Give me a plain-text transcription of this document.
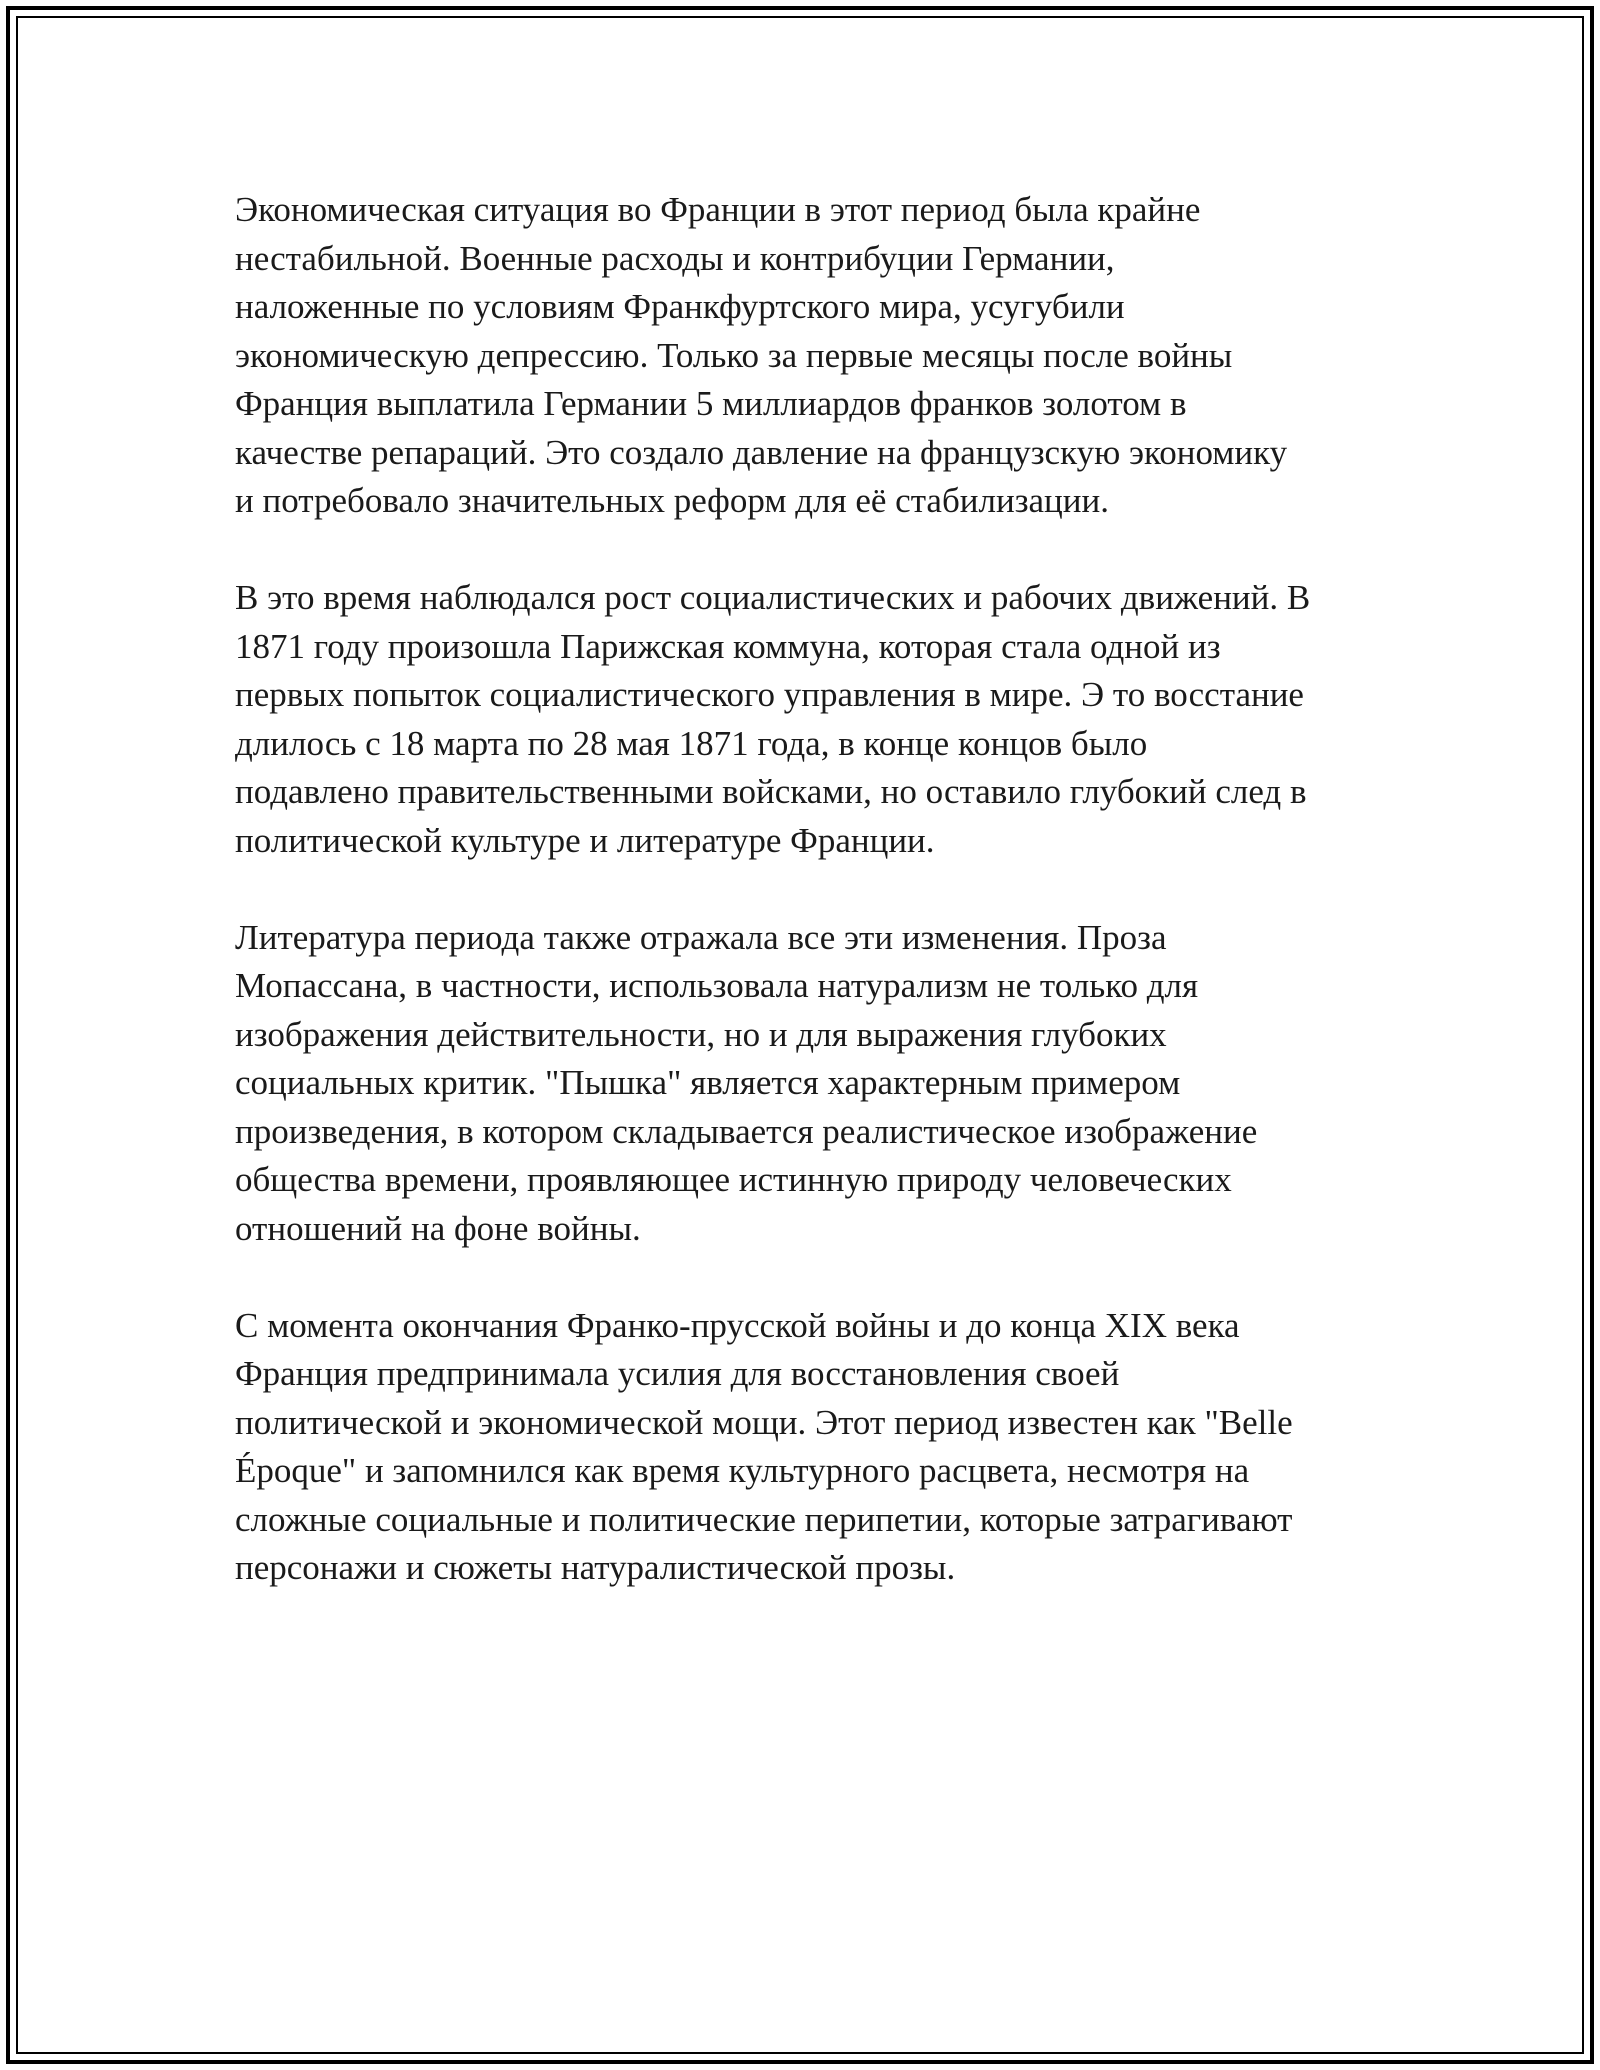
Экономическая ситуация во Франции в этот период была крайне
нестабильной. Военные расходы и контрибуции Германии,
наложенные по условиям Франкфуртского мира, усугубили
экономическую депрессию. Только за первые месяцы после войны
Франция выплатила Германии 5 миллиардов франков золотом в
качестве репараций. Это создало давление на французскую экономику
и потребовало значительных реформ для её стабилизации.

В это время наблюдался рост социалистических и рабочих движений. В
1871 году произошла Парижская коммуна, которая стала одной из
первых попыток социалистического управления в мире. Э то восстание
длилось с 18 марта по 28 мая 1871 года, в конце концов было
подавлено правительственными войсками, но оставило глубокий след в
политической культуре и литературе Франции.

Литература периода также отражала все эти изменения. Проза
Мопассана, в частности, использовала натурализм не только для
изображения действительности, но и для выражения глубоких
социальных критик. "Пышка" является характерным примером
произведения, в котором складывается реалистическое изображение
общества времени, проявляющее истинную природу человеческих
отношений на фоне войны.

С момента окончания Франко-прусской войны и до конца XIX века
Франция предпринимала усилия для восстановления своей
политической и экономической мощи. Этот период известен как "Belle
Époque" и запомнился как время культурного расцвета, несмотря на
сложные социальные и политические перипетии, которые затрагивают
персонажи и сюжеты натуралистической прозы.
